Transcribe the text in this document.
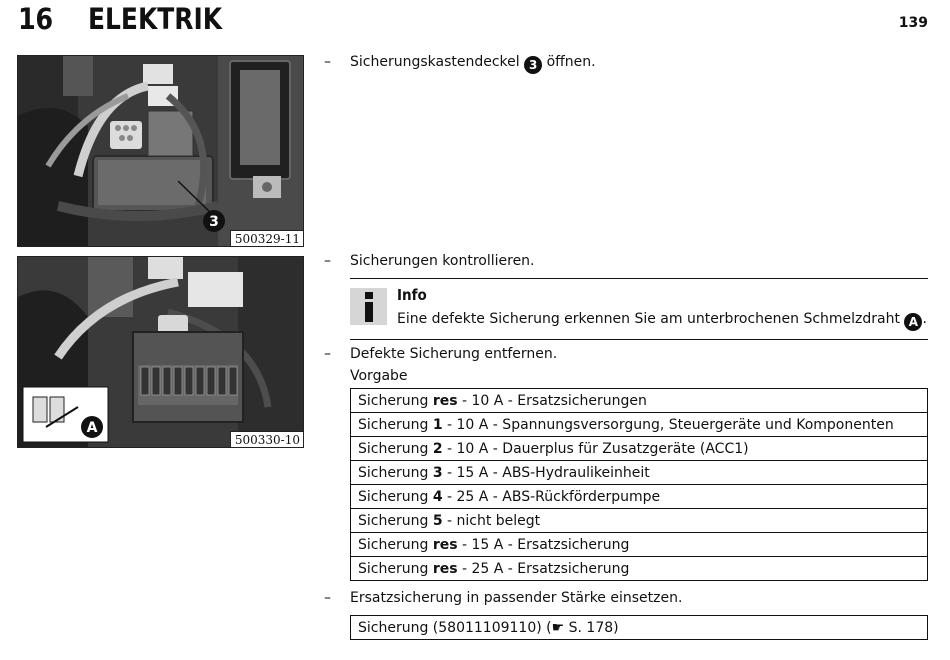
16 ELEKTRIK	139
3
500329-11
A
500330-10
– Sicherungskastendeckel 3 öffnen.
– Sicherungen kontrollieren.
Info
Eine defekte Sicherung erkennen Sie am unterbrochenen Schmelzdraht A .
– Defekte Sicherung entfernen.
Vorgabe
Sicherung res - 10 A - Ersatzsicherungen
Sicherung 1 - 10 A - Spannungsversorgung, Steuergeräte und Komponenten
Sicherung 2 - 10 A - Dauerplus für Zusatzgeräte (ACC1)
Sicherung 3 - 15 A - ABS-Hydraulikeinheit
Sicherung 4 - 25 A - ABS-Rückförderpumpe
Sicherung 5 - nicht belegt
Sicherung res - 15 A - Ersatzsicherung
Sicherung res - 25 A - Ersatzsicherung
– Ersatzsicherung in passender Stärke einsetzen.
Sicherung (58011109110) (☛ S. 178)
